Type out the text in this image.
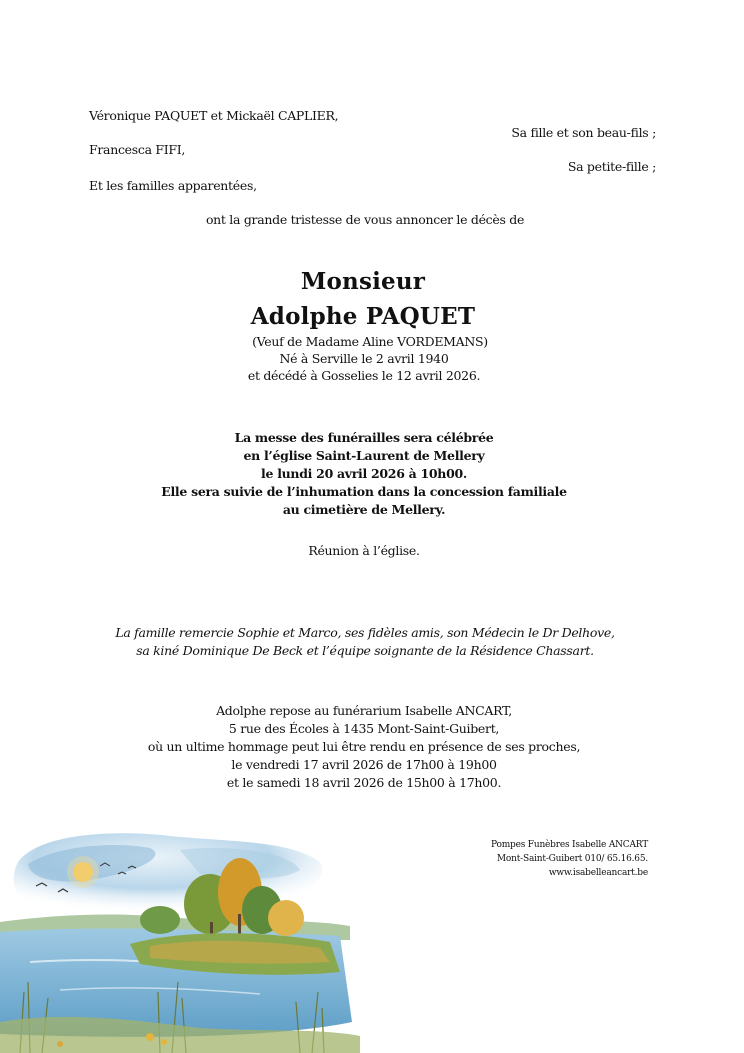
Véronique PAQUET et Mickaël CAPLIER,
Sa fille et son beau-fils ;
Francesca FIFI,
Sa petite-fille ;
Et les familles apparentées,
ont la grande tristesse de vous annoncer le décès de
Monsieur
Adolphe PAQUET
(Veuf de Madame Aline VORDEMANS)
Né à Serville le 2 avril 1940
et décédé à Gosselies le 12 avril 2026.

La messe des funérailles sera célébrée

en l’église Saint-Laurent de Mellery

le lundi 20 avril 2026 à 10h00.

Elle sera suivie de l’inhumation dans la concession familiale

au cimetière de Mellery.

Réunion à l’église.

La famille remercie Sophie et Marco, ses fidèles amis, son Médecin le Dr Delhove,

sa kiné Dominique De Beck et l’équipe soignante de la Résidence Chassart.

Adolphe repose au funérarium Isabelle ANCART,

5 rue des Écoles à 1435 Mont-Saint-Guibert,

où un ultime hommage peut lui être rendu en présence de ses proches,

le vendredi 17 avril 2026 de 17h00 à 19h00

et le samedi 18 avril 2026 de 15h00 à 17h00.

Pompes Funèbres Isabelle ANCART
Mont-Saint-Guibert 010/ 65.16.65.
www.isabelleancart.be
